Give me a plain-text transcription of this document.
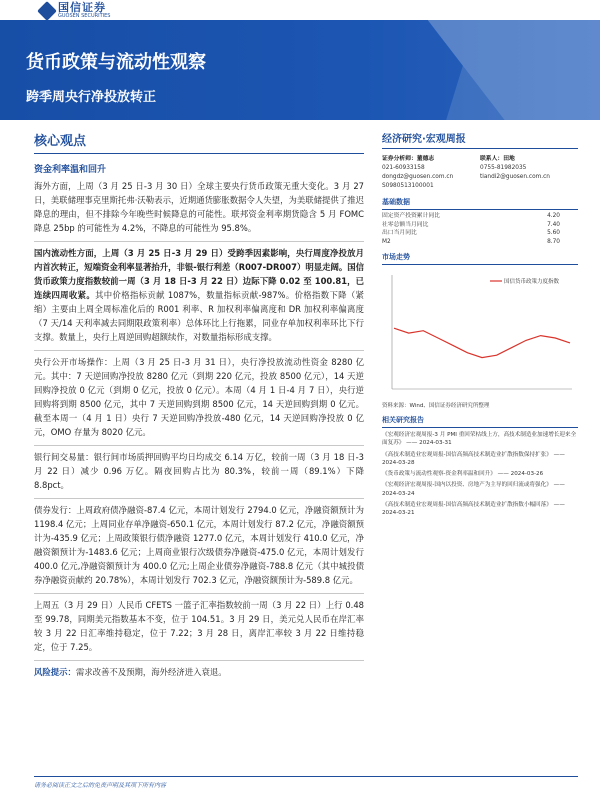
国信证券
GUOSEN SECURITIES
货币政策与流动性观察
跨季周央行净投放转正
核心观点
资金利率温和回升
海外方面，上周（3 月 25 日-3 月 30 日）全球主要央行货币政策无重大变化。3 月 27 日，美联储理事克里斯托弗·沃勒表示，近期通货膨胀数据令人失望，为美联储提供了推迟降息的理由，但不排除今年晚些时候降息的可能性。联邦资金利率期货隐含 5 月 FOMC 降息 25bp 的可能性为 4.2%，不降息的可能性为 95.8%。
国内流动性方面，上周（3 月 25 日-3 月 29 日）受跨季因素影响，央行周度净投放月内首次转正，短端资金利率显著抬升，非银-银行利差（R007-DR007）明显走阔。国信货币政策力度指数较前一周（3 月 18 日-3 月 22 日）边际下降 0.02 至 100.81，已连续四周收紧。其中价格指标贡献 1087%，数量指标贡献-987%。价格指数下降（紧缩）主要由上周全周标准化后的 R001 利率、R 加权利率偏离度和 DR 加权利率偏离度（7 天/14 天利率减去同期限政策利率）总体环比上行拖累，同业存单加权利率环比下行支撑。数量上，央行上周逆回购超额续作，对数量指标形成支撑。
央行公开市场操作：上周（3 月 25 日-3 月 31 日），央行净投放流动性资金 8280 亿元。其中：7 天逆回购净投放 8280 亿元（到期 220 亿元，投放 8500 亿元），14 天逆回购净投放 0 亿元（到期 0 亿元，投放 0 亿元）。本周（4 月 1 日-4 月 7 日），央行逆回购将到期 8500 亿元，其中 7 天逆回购到期 8500 亿元，14 天逆回购到期 0 亿元。截至本周一（4 月 1 日）央行 7 天逆回购净投放-480 亿元，14 天逆回购净投放 0 亿元，OMO 存量为 8020 亿元。
银行间交易量：银行间市场质押回购平均日均成交 6.14 万亿，较前一周（3 月 18 日-3 月 22 日）减少 0.96 万亿。隔夜回购占比为 80.3%，较前一周（89.1%）下降 8.8pct。
债券发行：上周政府债净融资-87.4 亿元，本周计划发行 2794.0 亿元，净融资额预计为 1198.4 亿元；上周同业存单净融资-650.1 亿元，本周计划发行 87.2 亿元，净融资额预计为-435.9 亿元；上周政策银行债净融资 1277.0 亿元，本周计划发行 410.0 亿元，净融资额预计为-1483.6 亿元；上周商业银行次级债券净融资-475.0 亿元，本周计划发行 400.0 亿元,净融资额预计为 400.0 亿元;上周企业债券净融资-788.8 亿元（其中城投债券净融资贡献约 20.78%），本周计划发行 702.3 亿元，净融资额预计为-589.8 亿元。
上周五（3 月 29 日）人民币 CFETS 一篮子汇率指数较前一周（3 月 22 日）上行 0.48 至 99.78，同期美元指数基本不变，位于 104.51。3 月 29 日，美元兑人民币在岸汇率较 3 月 22 日汇率维持稳定，位于 7.22；3 月 28 日，离岸汇率较 3 月 22 日维持稳定，位于 7.25。
风险提示：需求改善不及预期，海外经济进入衰退。
经济研究·宏观周报
证券分析师：董德志
021-60933158
dongdz@guosen.com.cn
S0980513100001
联系人：田地
0755-81982035
tiandi2@guosen.com.cn
基础数据
固定资产投资累计同比	4.20
社零总额当月同比	7.40
出口当月同比	5.60
M2	8.70
市场走势
国信货币政策力度指数
资料来源：Wind、国信证券经济研究所整理
相关研究报告
《宏观经济宏观周报-3 月 PMI 重回荣枯线上方，高技术制造业加速增长迎来全面复苏》 —— 2024-03-31
《高技术制造业宏观周报-国信高频高技术制造业扩散指数保持扩张》 —— 2024-03-28
《货币政策与流动性观察-资金利率温和回升》 —— 2024-03-26
《宏观经济宏观周报-国内以投资、房地产为主导的回归流或将强化》 —— 2024-03-24
《高技术制造业宏观周报-国信高频高技术制造业扩散指数小幅回落》 —— 2024-03-21
请务必阅读正文之后的免责声明及其项下所有内容
